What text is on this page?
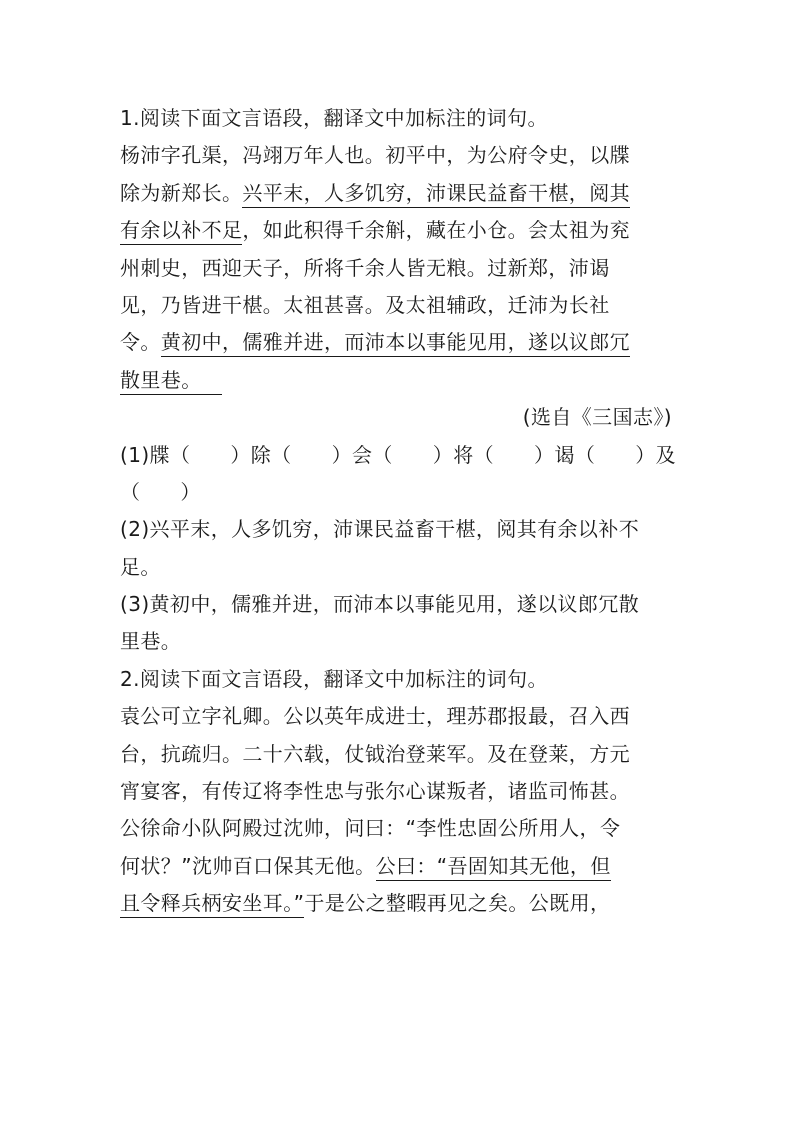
1.阅读下面文言语段，翻译文中加标注的词句。
杨沛字孔渠，冯翊万年人也。初平中，为公府令史，以牒
除为新郑长。兴平末，人多饥穷，沛课民益畜干椹，阅其
有余以补不足，如此积得千余斛，藏在小仓。会太祖为兖
州刺史，西迎天子，所将千余人皆无粮。过新郑，沛谒
见，乃皆进干椹。太祖甚喜。及太祖辅政，迁沛为长社
令。黄初中，儒雅并进，而沛本以事能见用，遂以议郎冗
散里巷。 
(选自《三国志》)
(1)牒（ ）除（ ）会（ ）将（ ）谒（ ）及
（ ）
(2)兴平末，人多饥穷，沛课民益畜干椹，阅其有余以补不
足。
(3)黄初中，儒雅并进，而沛本以事能见用，遂以议郎冗散
里巷。
2.阅读下面文言语段，翻译文中加标注的词句。
袁公可立字礼卿。公以英年成进士，理苏郡报最，召入西
台，抗疏归。二十六载，仗钺治登莱军。及在登莱，方元
宵宴客，有传辽将李性忠与张尔心谋叛者，诸监司怖甚。
公徐命小队阿殿过沈帅，问曰：“李性忠固公所用人，令
何状？”沈帅百口保其无他。公曰：“吾固知其无他，但
且令释兵柄安坐耳。”于是公之整暇再见之矣。公既用，
